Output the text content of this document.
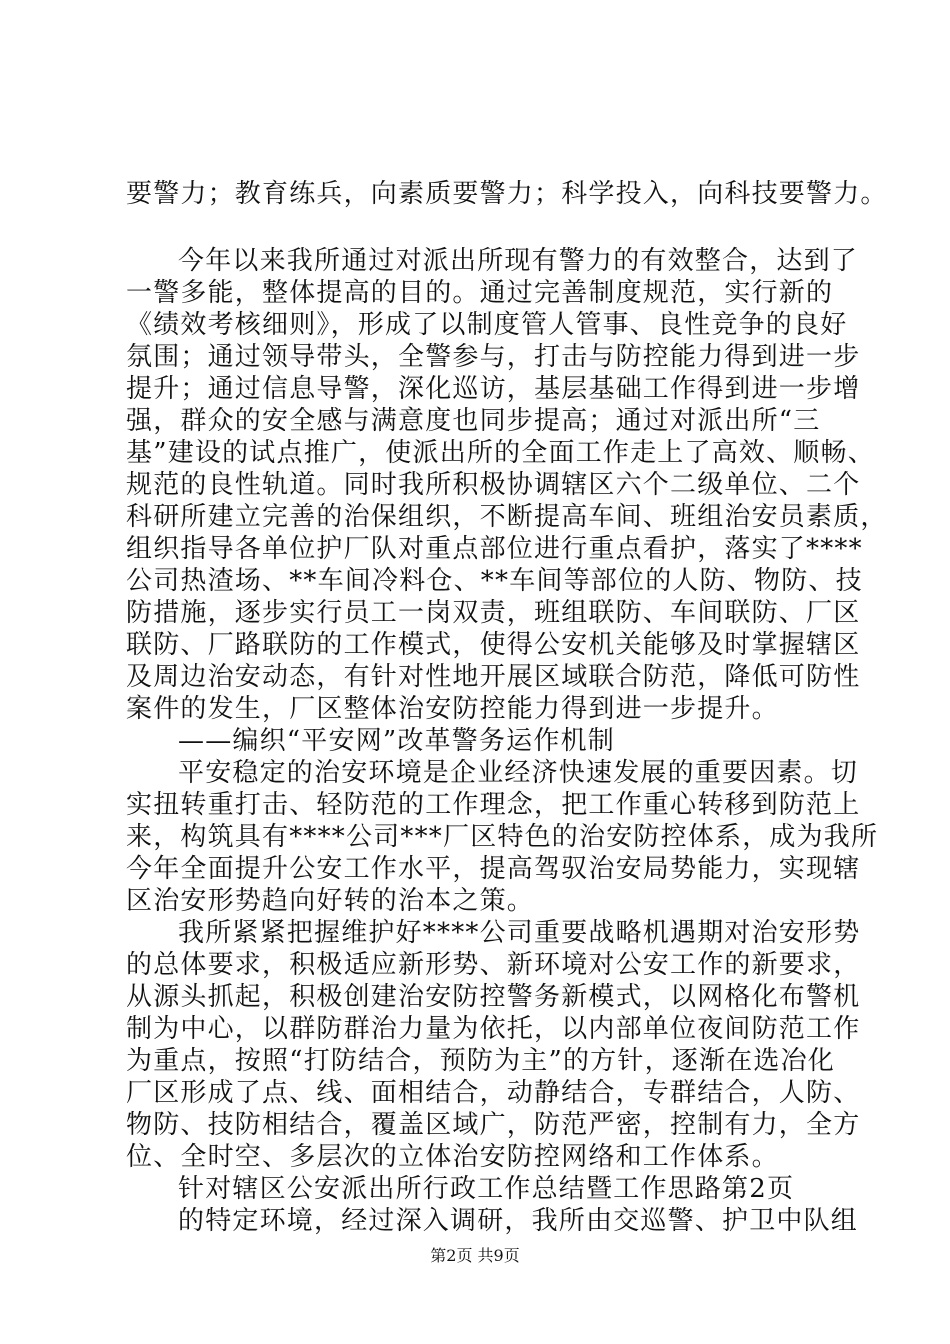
要警力；教育练兵，向素质要警力；科学投入，向科技要警力。
今年以来我所通过对派出所现有警力的有效整合，达到了
一警多能，整体提高的目的。通过完善制度规范，实行新的
《绩效考核细则》，形成了以制度管人管事、良性竞争的良好
氛围；通过领导带头，全警参与，打击与防控能力得到进一步
提升；通过信息导警，深化巡访，基层基础工作得到进一步增
强，群众的安全感与满意度也同步提高；通过对派出所“三
基”建设的试点推广，使派出所的全面工作走上了高效、顺畅、
规范的良性轨道。同时我所积极协调辖区六个二级单位、二个
科研所建立完善的治保组织，不断提高车间、班组治安员素质，
组织指导各单位护厂队对重点部位进行重点看护，落实了****
公司热渣场、**车间冷料仓、**车间等部位的人防、物防、技
防措施，逐步实行员工一岗双责，班组联防、车间联防、厂区
联防、厂路联防的工作模式，使得公安机关能够及时掌握辖区
及周边治安动态，有针对性地开展区域联合防范，降低可防性
案件的发生，厂区整体治安防控能力得到进一步提升。
——编织“平安网”改革警务运作机制
平安稳定的治安环境是企业经济快速发展的重要因素。切
实扭转重打击、轻防范的工作理念，把工作重心转移到防范上
来，构筑具有****公司***厂区特色的治安防控体系，成为我所
今年全面提升公安工作水平，提高驾驭治安局势能力，实现辖
区治安形势趋向好转的治本之策。
我所紧紧把握维护好****公司重要战略机遇期对治安形势
的总体要求，积极适应新形势、新环境对公安工作的新要求，
从源头抓起，积极创建治安防控警务新模式，以网格化布警机
制为中心，以群防群治力量为依托，以内部单位夜间防范工作
为重点，按照“打防结合，预防为主”的方针，逐渐在选冶化
厂区形成了点、线、面相结合，动静结合，专群结合，人防、
物防、技防相结合，覆盖区域广，防范严密，控制有力，全方
位、全时空、多层次的立体治安防控网络和工作体系。
针对辖区公安派出所行政工作总结暨工作思路第2页
的特定环境，经过深入调研，我所由交巡警、护卫中队组
第2页 共9页
